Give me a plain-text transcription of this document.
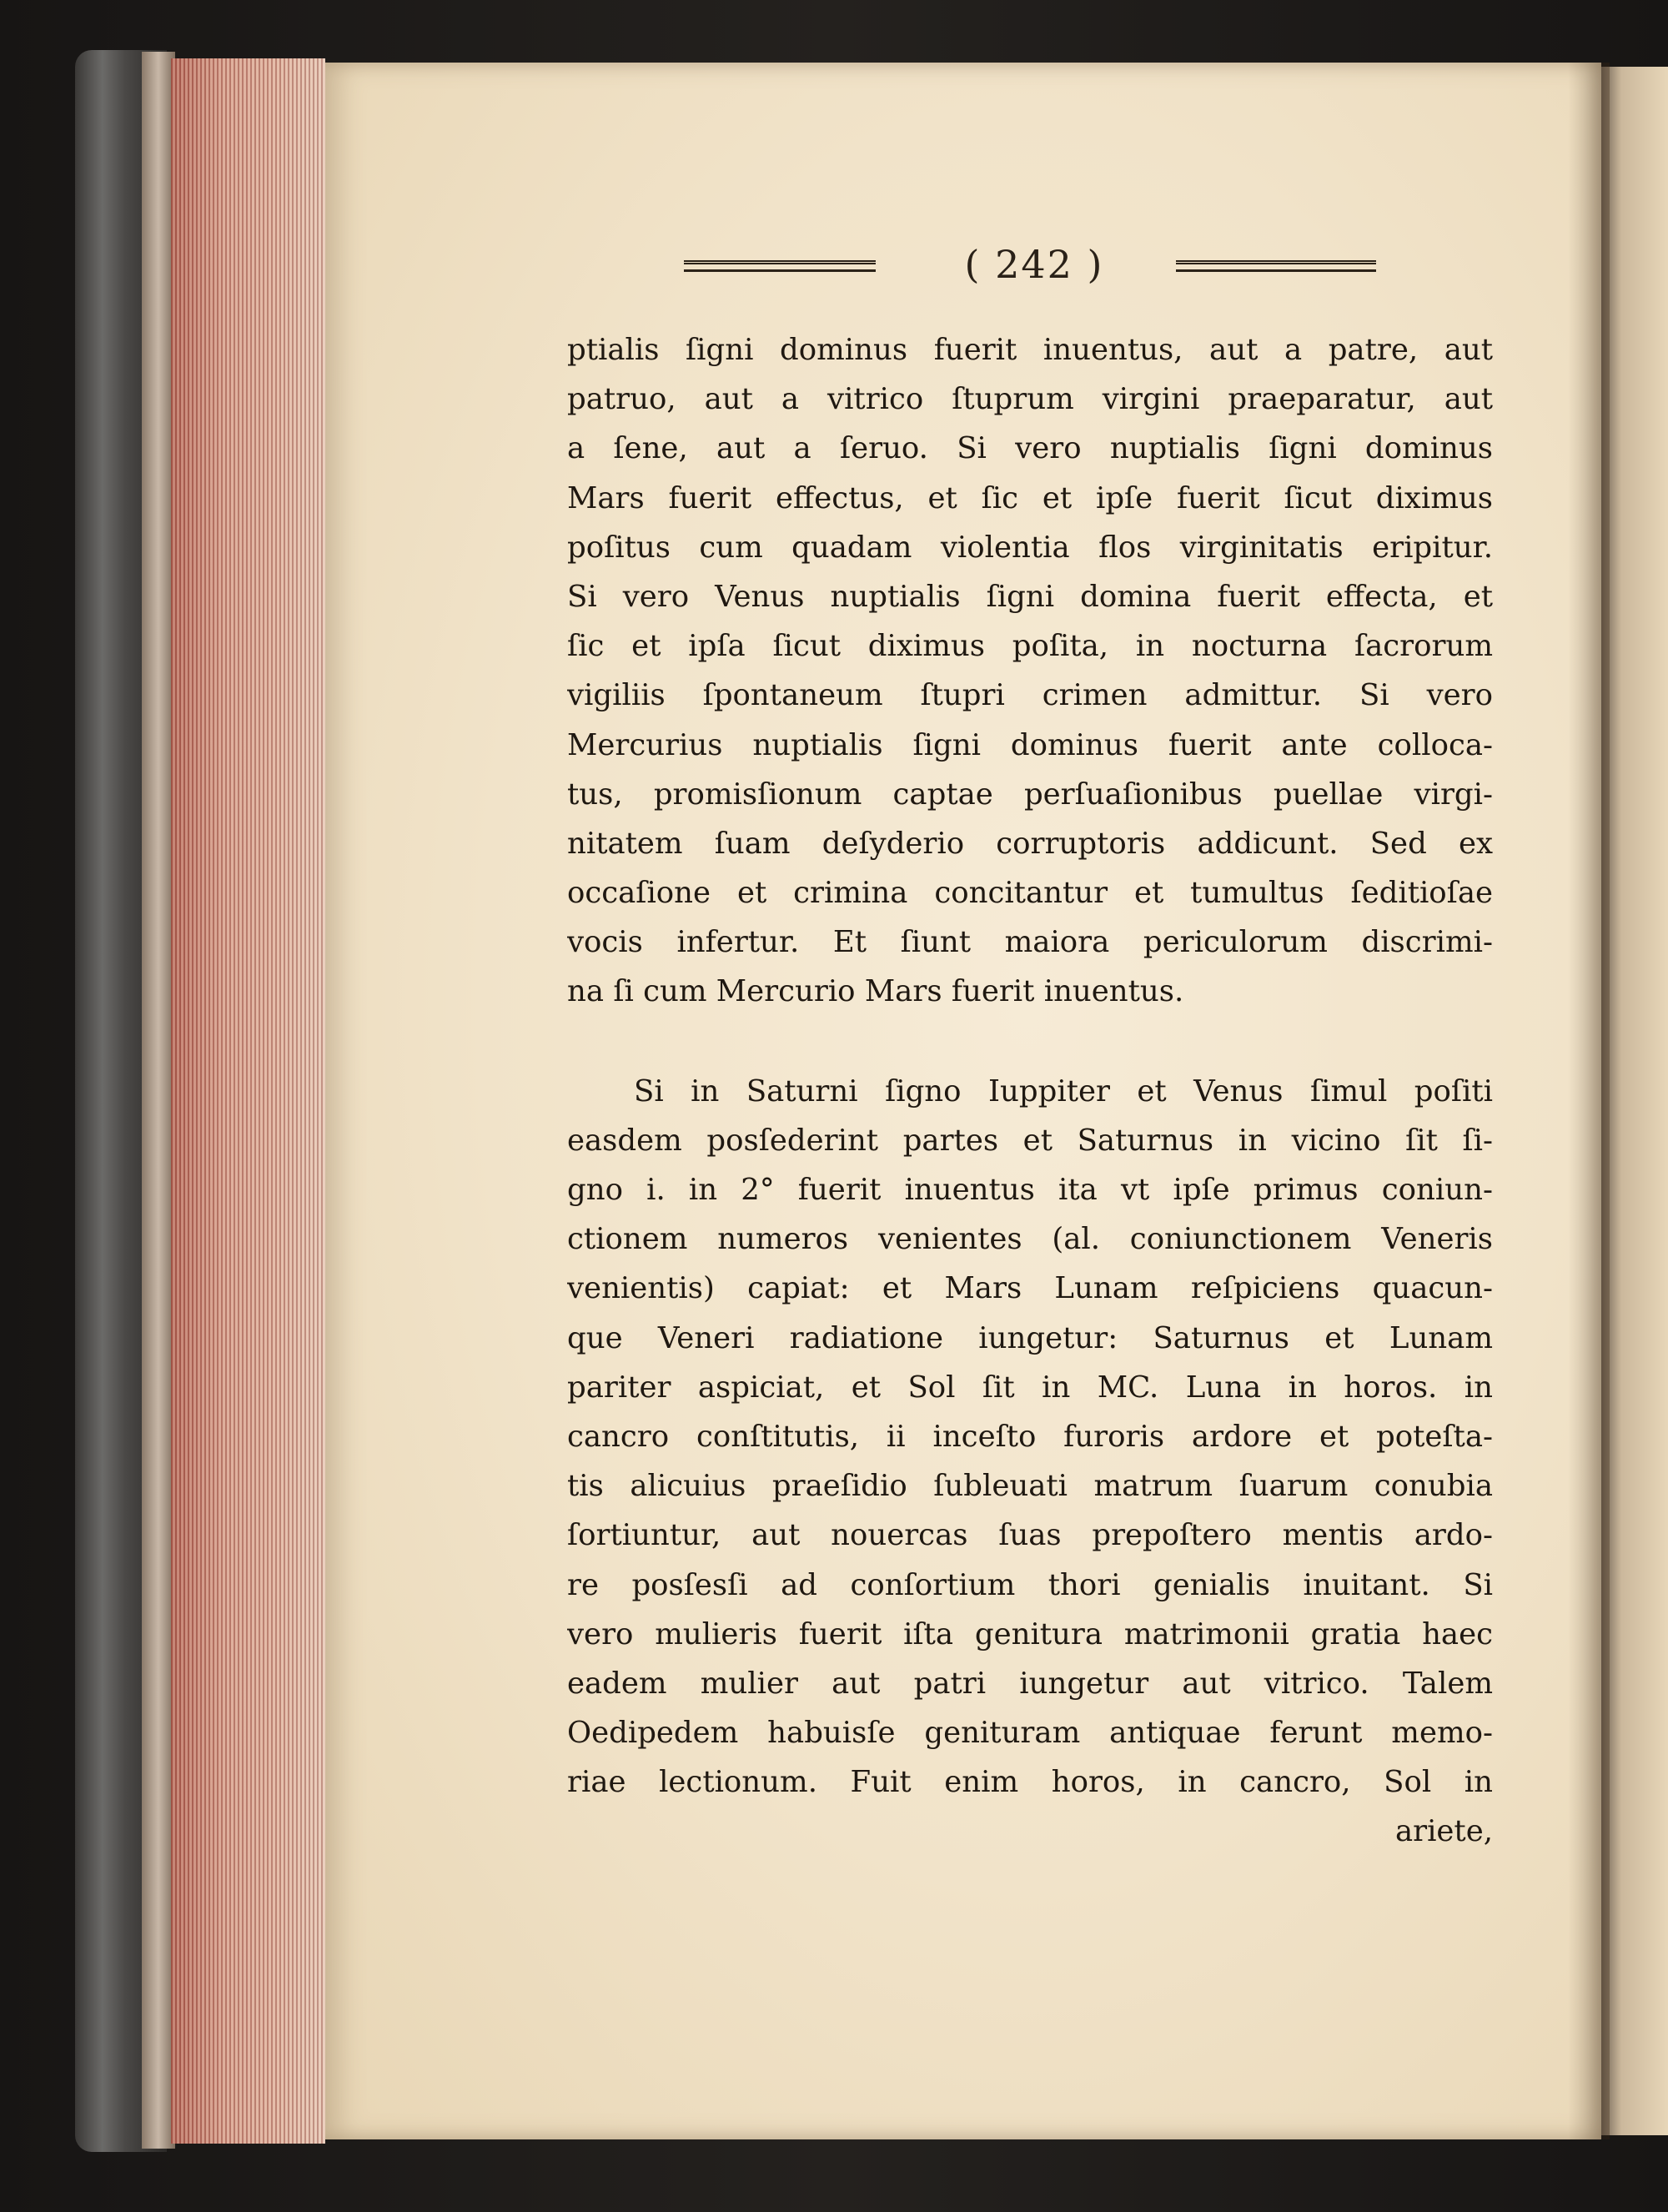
( 242 )
ptialis ſigni dominus fuerit inuentus, aut a patre, aut
patruo, aut a vitrico ſtuprum virgini praeparatur, aut
a ſene, aut a ſeruo. Si vero nuptialis ſigni dominus
Mars fuerit effectus, et ſic et ipſe fuerit ſicut diximus
poſitus cum quadam violentia flos virginitatis eripitur.
Si vero Venus nuptialis ſigni domina fuerit effecta, et
ſic et ipſa ſicut diximus poſita, in nocturna ſacrorum
vigiliis ſpontaneum ſtupri crimen admittur. Si vero
Mercurius nuptialis ſigni dominus fuerit ante colloca-
tus, promisſionum captae perſuaſionibus puellae virgi-
nitatem ſuam deſyderio corruptoris addicunt. Sed ex
occaſione et crimina concitantur et tumultus ſeditioſae
vocis infertur. Et ſiunt maiora periculorum discrimi-
na ſi cum Mercurio Mars fuerit inuentus.
Si in Saturni ſigno Iuppiter et Venus ſimul poſiti
easdem posſederint partes et Saturnus in vicino ſit ſi-
gno i. in 2° fuerit inuentus ita vt ipſe primus coniun-
ctionem numeros venientes (al. coniunctionem Veneris
venientis) capiat: et Mars Lunam reſpiciens quacun-
que Veneri radiatione iungetur: Saturnus et Lunam
pariter aspiciat, et Sol ſit in MC. Luna in horos. in
cancro conſtitutis, ii inceſto furoris ardore et poteſta-
tis alicuius praeſidio ſubleuati matrum ſuarum conubia
ſortiuntur, aut nouercas ſuas prepoſtero mentis ardo-
re posſesſi ad conſortium thori genialis inuitant. Si
vero mulieris fuerit iſta genitura matrimonii gratia haec
eadem mulier aut patri iungetur aut vitrico. Talem
Oedipedem habuisſe genituram antiquae ferunt memo-
riae lectionum. Fuit enim horos, in cancro, Sol in
ariete,
